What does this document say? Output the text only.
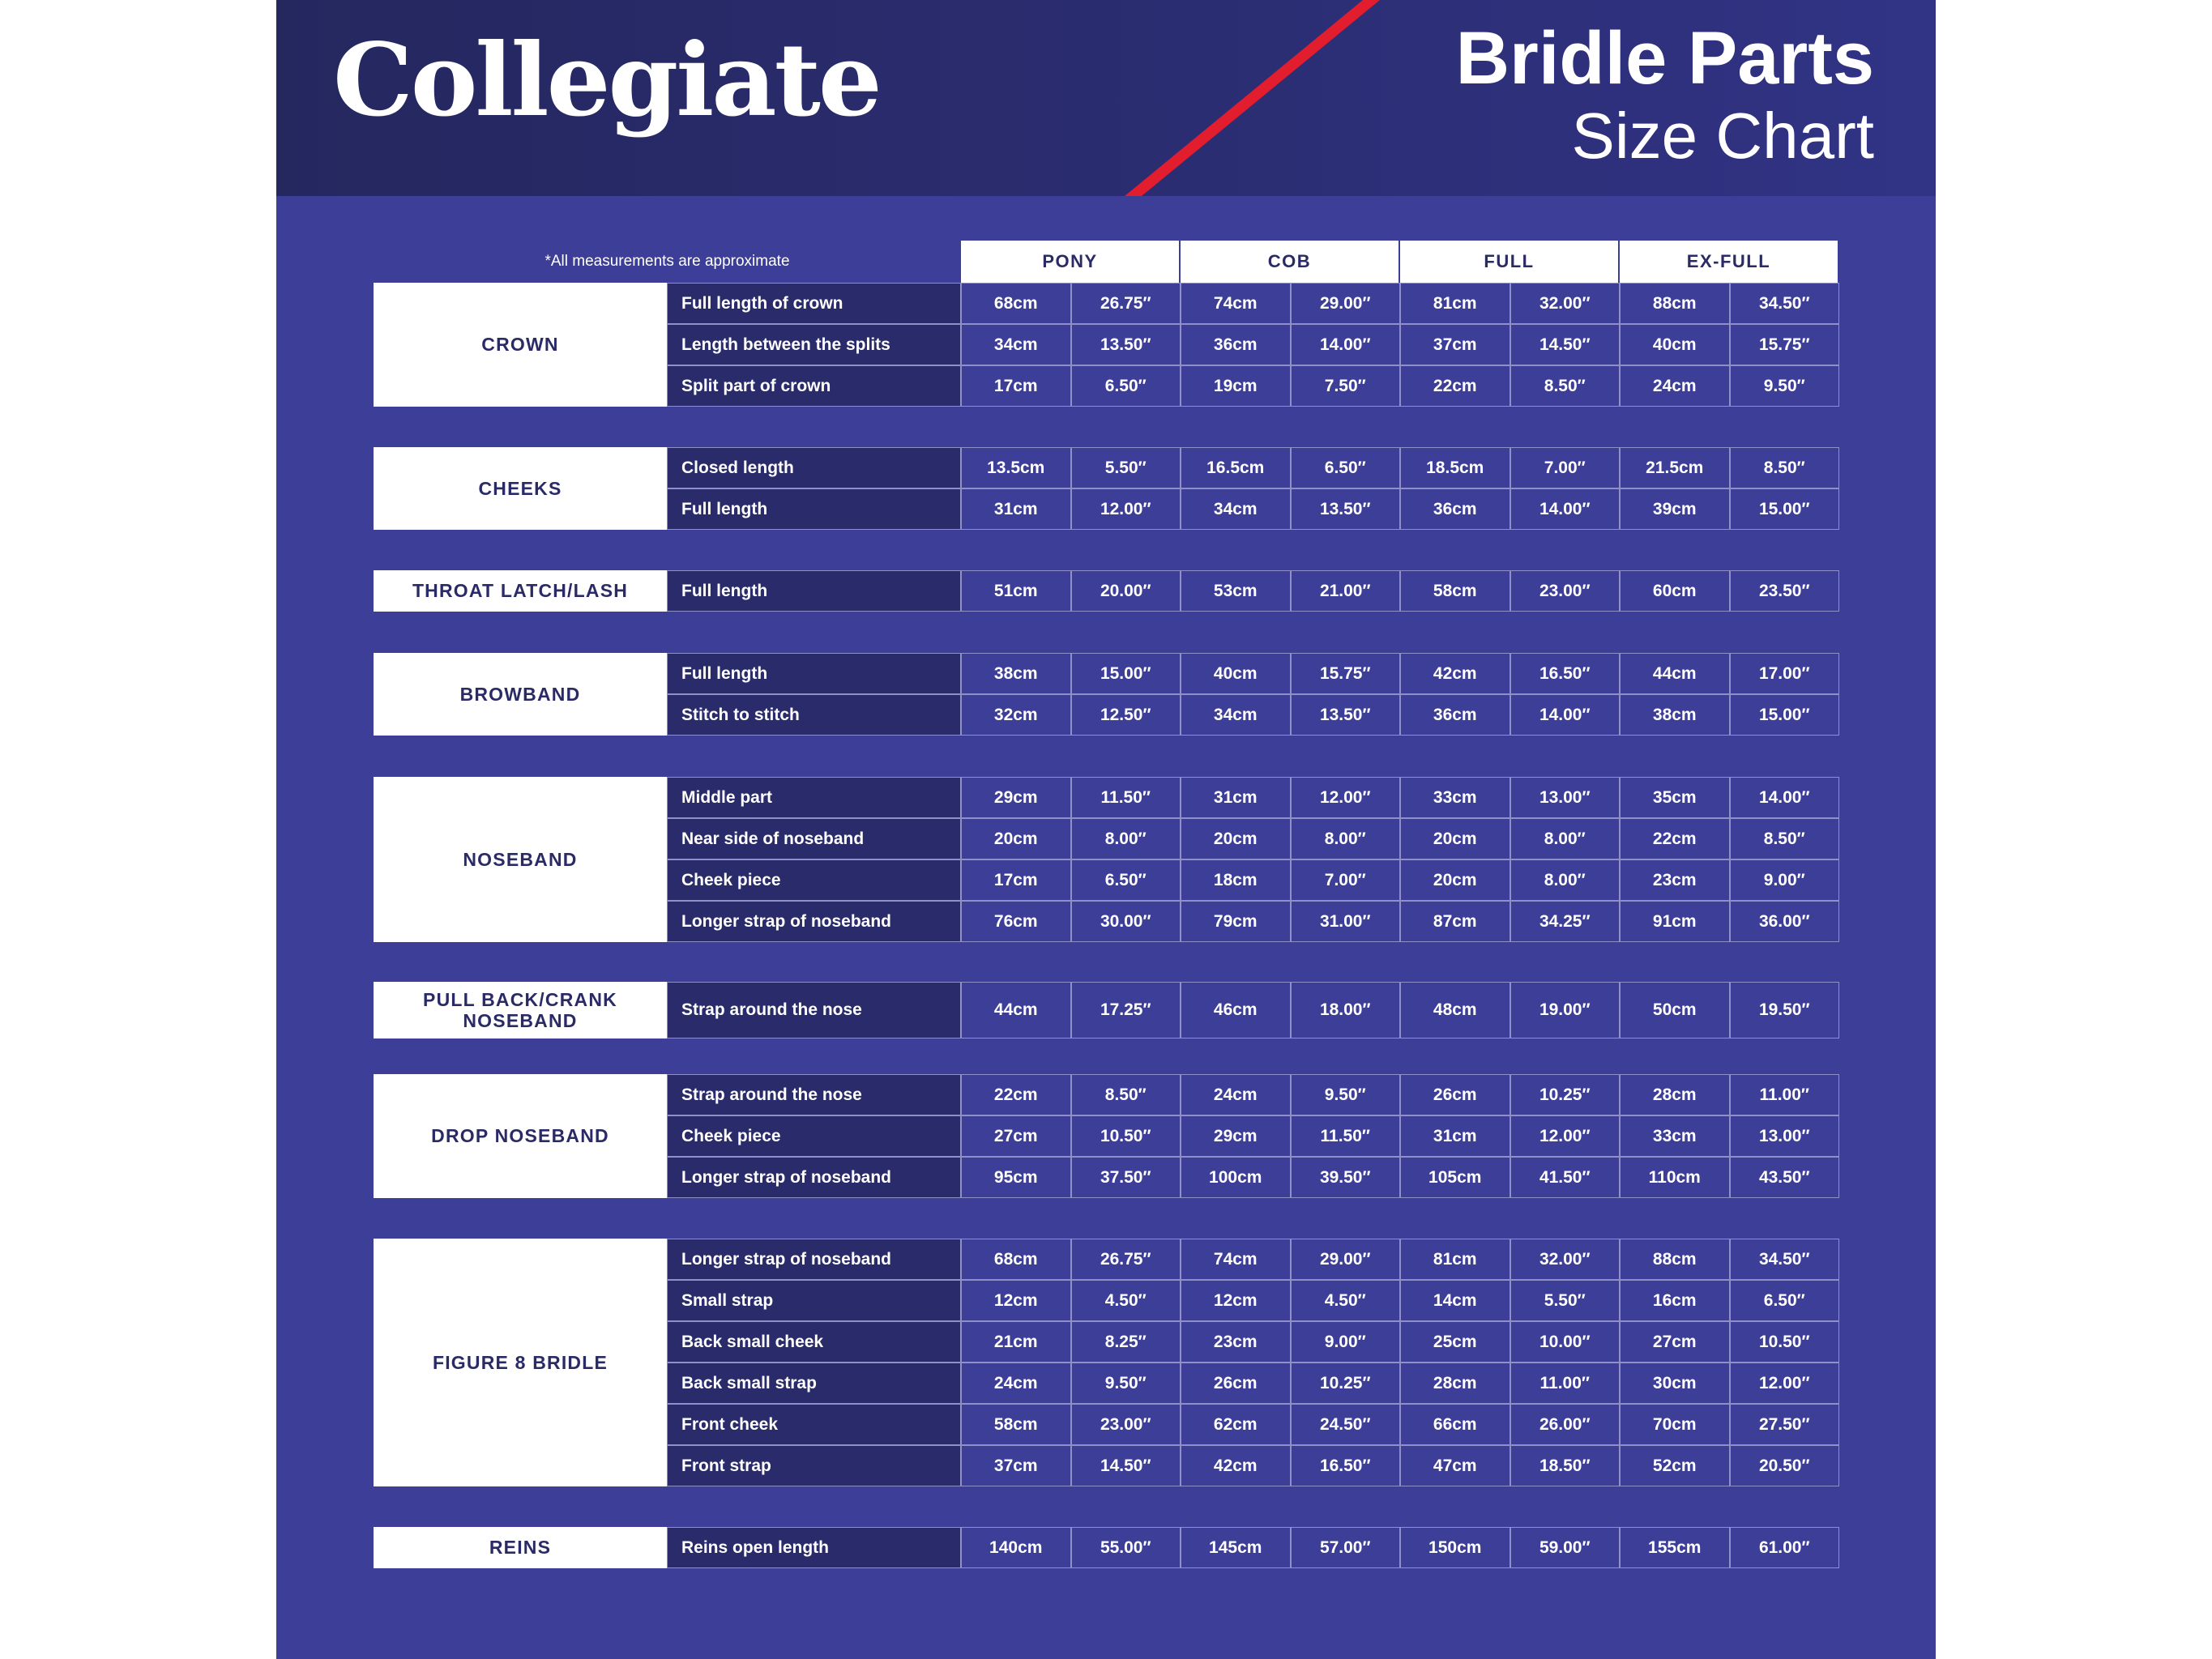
Collegiate	Bridle Parts
Size Chart
*All measurements are approximate	PONY	COB	FULL	EX-FULL
CROWN
Full length of crown	68cm	26.75″	74cm	29.00″	81cm	32.00″	88cm	34.50″
Length between the splits	34cm	13.50″	36cm	14.00″	37cm	14.50″	40cm	15.75″
Split part of crown	17cm	6.50″	19cm	7.50″	22cm	8.50″	24cm	9.50″
CHEEKS
Closed length	13.5cm	5.50″	16.5cm	6.50″	18.5cm	7.00″	21.5cm	8.50″
Full length	31cm	12.00″	34cm	13.50″	36cm	14.00″	39cm	15.00″
THROAT LATCH/LASH	Full length	51cm	20.00″	53cm	21.00″	58cm	23.00″	60cm	23.50″
BROWBAND
Full length	38cm	15.00″	40cm	15.75″	42cm	16.50″	44cm	17.00″
Stitch to stitch	32cm	12.50″	34cm	13.50″	36cm	14.00″	38cm	15.00″
NOSEBAND
Middle part	29cm	11.50″	31cm	12.00″	33cm	13.00″	35cm	14.00″
Near side of noseband	20cm	8.00″	20cm	8.00″	20cm	8.00″	22cm	8.50″
Cheek piece	17cm	6.50″	18cm	7.00″	20cm	8.00″	23cm	9.00″
Longer strap of noseband	76cm	30.00″	79cm	31.00″	87cm	34.25″	91cm	36.00″
PULL BACK/CRANK
NOSEBAND
Strap around the nose	44cm	17.25″	46cm	18.00″	48cm	19.00″	50cm	19.50″
DROP NOSEBAND
Strap around the nose	22cm	8.50″	24cm	9.50″	26cm	10.25″	28cm	11.00″
Cheek piece	27cm	10.50″	29cm	11.50″	31cm	12.00″	33cm	13.00″
Longer strap of noseband	95cm	37.50″	100cm	39.50″	105cm	41.50″	110cm	43.50″
FIGURE 8 BRIDLE
Longer strap of noseband	68cm	26.75″	74cm	29.00″	81cm	32.00″	88cm	34.50″
Small strap	12cm	4.50″	12cm	4.50″	14cm	5.50″	16cm	6.50″
Back small cheek	21cm	8.25″	23cm	9.00″	25cm	10.00″	27cm	10.50″
Back small strap	24cm	9.50″	26cm	10.25″	28cm	11.00″	30cm	12.00″
Front cheek	58cm	23.00″	62cm	24.50″	66cm	26.00″	70cm	27.50″
Front strap	37cm	14.50″	42cm	16.50″	47cm	18.50″	52cm	20.50″
REINS	Reins open length	140cm	55.00″	145cm	57.00″	150cm	59.00″	155cm	61.00″
